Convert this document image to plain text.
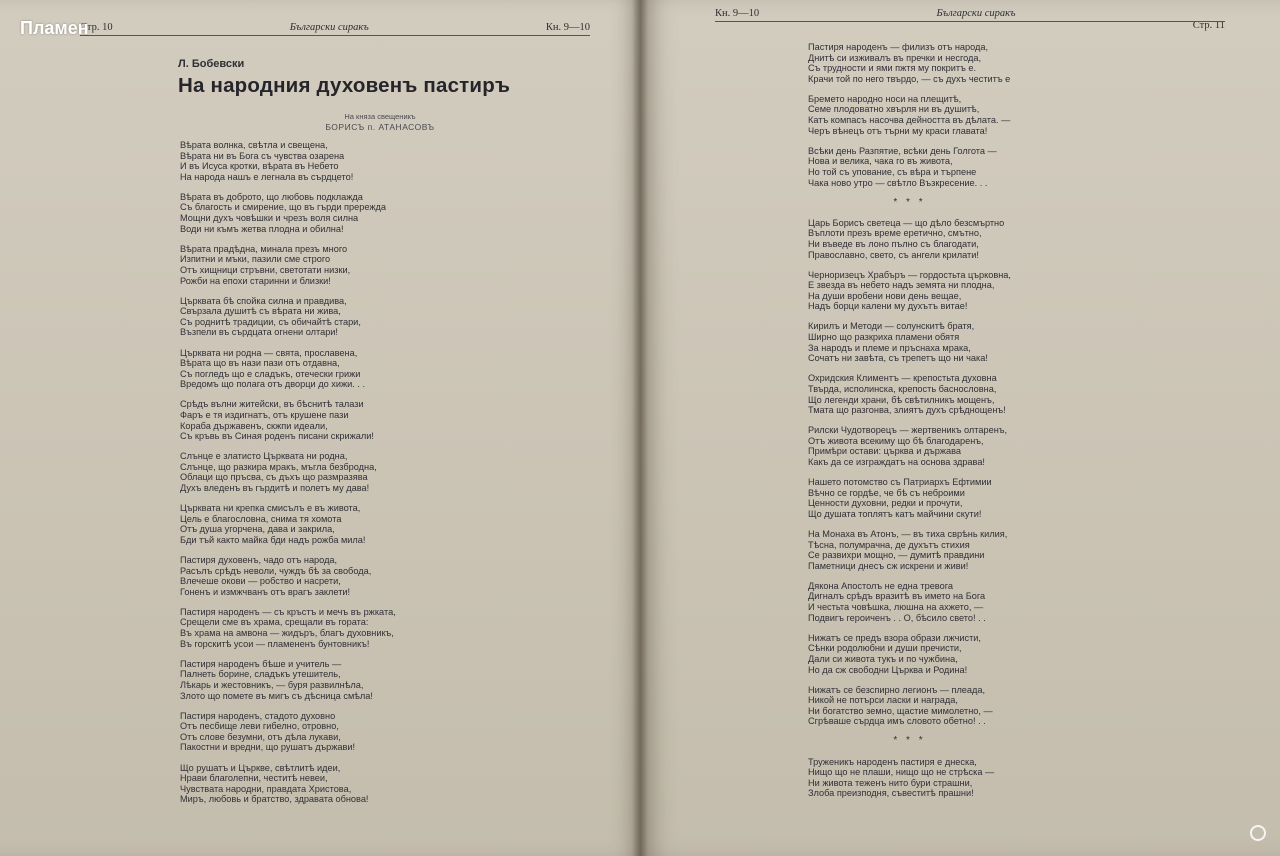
Стр. 10	Български сиракъ	Кн. 9—10
Л. Бобевски
На народния духовенъ пастиръ
На княза свещеникъ
БОРИСЪ п. АТАНАСОВЪ
Вѣрата волнка, свѣтла и свещена,
Вѣрата ни въ Бога съ чувства озарена
И въ Исуса кротки, вѣрата въ Небето
На народа нашъ е легнала въ сърдцето!
Вѣрата въ доброто, що любовь подклажда
Съ благость и смирение, що въ гърди прережда
Мощни духъ човѣшки и чрезъ воля силна
Води ни къмъ жетва плодна и обилна!
Вѣрата прадѣдна, минала презъ много
Изпитни и мъки, пазили сме строго
Отъ хищници стръвни, светотати низки,
Рожби на епохи старинни и близки!
Църквата бѣ спойка силна и правдива,
Свързала душитѣ съ вѣрата ни жива,
Съ роднитѣ традиции, съ обичайтѣ стари,
Възпели въ сърдцата огнени олтари!
Църквата ни родна — свята, прославена,
Вѣрата що въ нази пази отъ отдавна,
Съ погледъ що е сладъкъ, отечески грижи
Вредомъ що полага отъ дворци до хижи. . .
Срѣдъ вълни житейски, въ бѣснитѣ талази
Фаръ е тя издигнатъ, отъ крушене пази
Кораба държавенъ, скжпи идеали,
Съ кръвь въ Синая роденъ писани скрижали!
Слънце е златисто Църквата ни родна,
Слънце, що разкира мракъ, мъгла безбродна,
Облаци що пръсва, съ дъхъ що размразява
Духъ вледенъ въ гърдитѣ и полетъ му дава!
Църквата ни крепка смисълъ е въ живота,
Цель е благословна, снима тя хомота
Отъ душа угорчена, дава и закрила,
Бди тъй както майка бди надъ рожба мила!
Пастиря духовенъ, чадо отъ народа,
Расълъ срѣдъ неволи, чуждъ бѣ за свобода,
Влечеше окови — робство и насрети,
Гоненъ и измжчванъ отъ врагъ заклети!
Пастиря народенъ — съ кръстъ и мечъ въ ржката,
Срещели сме въ храма, срещали въ гората:
Въ храма на амвона — жидъръ, благъ духовникъ,
Въ горскитѣ усои — пламененъ бунтовникъ!
Пастиря народенъ бѣше и учитель —
Палнеть борине, сладъкъ утешитель,
Лѣкарь и жестовникъ, — буря развилнѣла,
Злото що помете въ мигъ съ дѣсница смѣла!
Пастиря народенъ, стадото духовно
Отъ песбище леви гибелно, отровно,
Отъ слове безумни, отъ дѣла лукави,
Пакостни и вредни, що рушатъ държави!
Що рушатъ и Църкве, свѣтлитѣ идеи,
Нрави благолепни, честитѣ невеи,
Чувствата народни, правдата Христова,
Миръ, любовь и братство, здравата обнова!
Кн. 9—10	Български сиракъ
Стр. 11
Пастиря народенъ — филизъ отъ народа,
Днитѣ си изживалъ въ пречки и несгода,
Съ трудности и ями пжтя му покритъ е.
Крачи той по него твърдо, — съ духъ честитъ е
Бремето народно носи на плещитѣ,
Семе плодоватно хвърля ни въ душитѣ,
Катъ компасъ насочва дейността въ дѣлата. —
Черъ вѣнецъ отъ търни му краси главата!
Всѣки день Разпятие, всѣки день Голгота —
Нова и велика, чака го въ живота,
Но той съ упование, съ вѣра и търпене
Чака ново утро — свѣтло Възкресение. . .
* * *
Царь Борисъ светеца — що дѣло безсмъртно
Въплоти презъ време еретично, смътно,
Ни въведе въ лоно пълно съ благодати,
Православно, свето, съ ангели крилати!
Черноризецъ Храбъръ — гордостьта църковна,
Е звезда въ небето надъ земята ни плодна,
На души вробени нови день вещае,
Надъ борци калени му духътъ витае!
Кирилъ и Методи — солунскитѣ братя,
Ширно що разкриха пламени обятя
За народъ и племе и пръснаха мрака,
Сочатъ ни завѣта, съ трепетъ що ни чака!
Охридския Климентъ — крепостьта духовна
Твърда, исполинска, крепость баснословна,
Що легенди храни, бѣ свѣтилникъ мощенъ,
Тмата що разгонва, злиятъ духъ срѣднощенъ!
Рилски Чудотворецъ — жертвеникъ олтаренъ,
Отъ живота всекиму що бѣ благодаренъ,
Примѣри остави: църква и държава
Какъ да се изграждатъ на основа здрава!
Нашето потомство съ Патриархъ Ефтимии
Вѣчно се гордѣе, че бѣ съ неброими
Ценности духовни, редки и прочути,
Що душата топлятъ катъ майчини скути!
На Монаха въ Атонъ, — въ тиха сврѣнь килия,
Тѣсна, полумрачна, де духътъ стихия
Се развихри мощно, — думитѣ правдини
Паметници днесъ сж искрени и живи!
Дякона Апостолъ не една тревога
Дигналъ срѣдъ вразитѣ въ името на Бога
И честьта човѣшка, люшна на ахжето, —
Подвигъ героиченъ . . О, бѣсило свето! . .
Нижатъ се предъ взора образи лжчисти,
Сѣнки родолюбни и души пречисти,
Дали си живота тукъ и по чужбина,
Но да сж свободни Църква и Родина!
Нижатъ се безспирно легионъ — плеада,
Никой не потърси ласки и награда,
Ни богатство земно, щастие мимолетно, —
Сгрѣваше сърдца имъ словото обетно! . .
* * *
Труженикъ народенъ пастиря е днеска,
Нищо що не плаши, нищо що не стрѣска —
Ни живота теженъ нито бури страшни,
Злоба преизподня, съвеститѣ прашни!
Пламен
